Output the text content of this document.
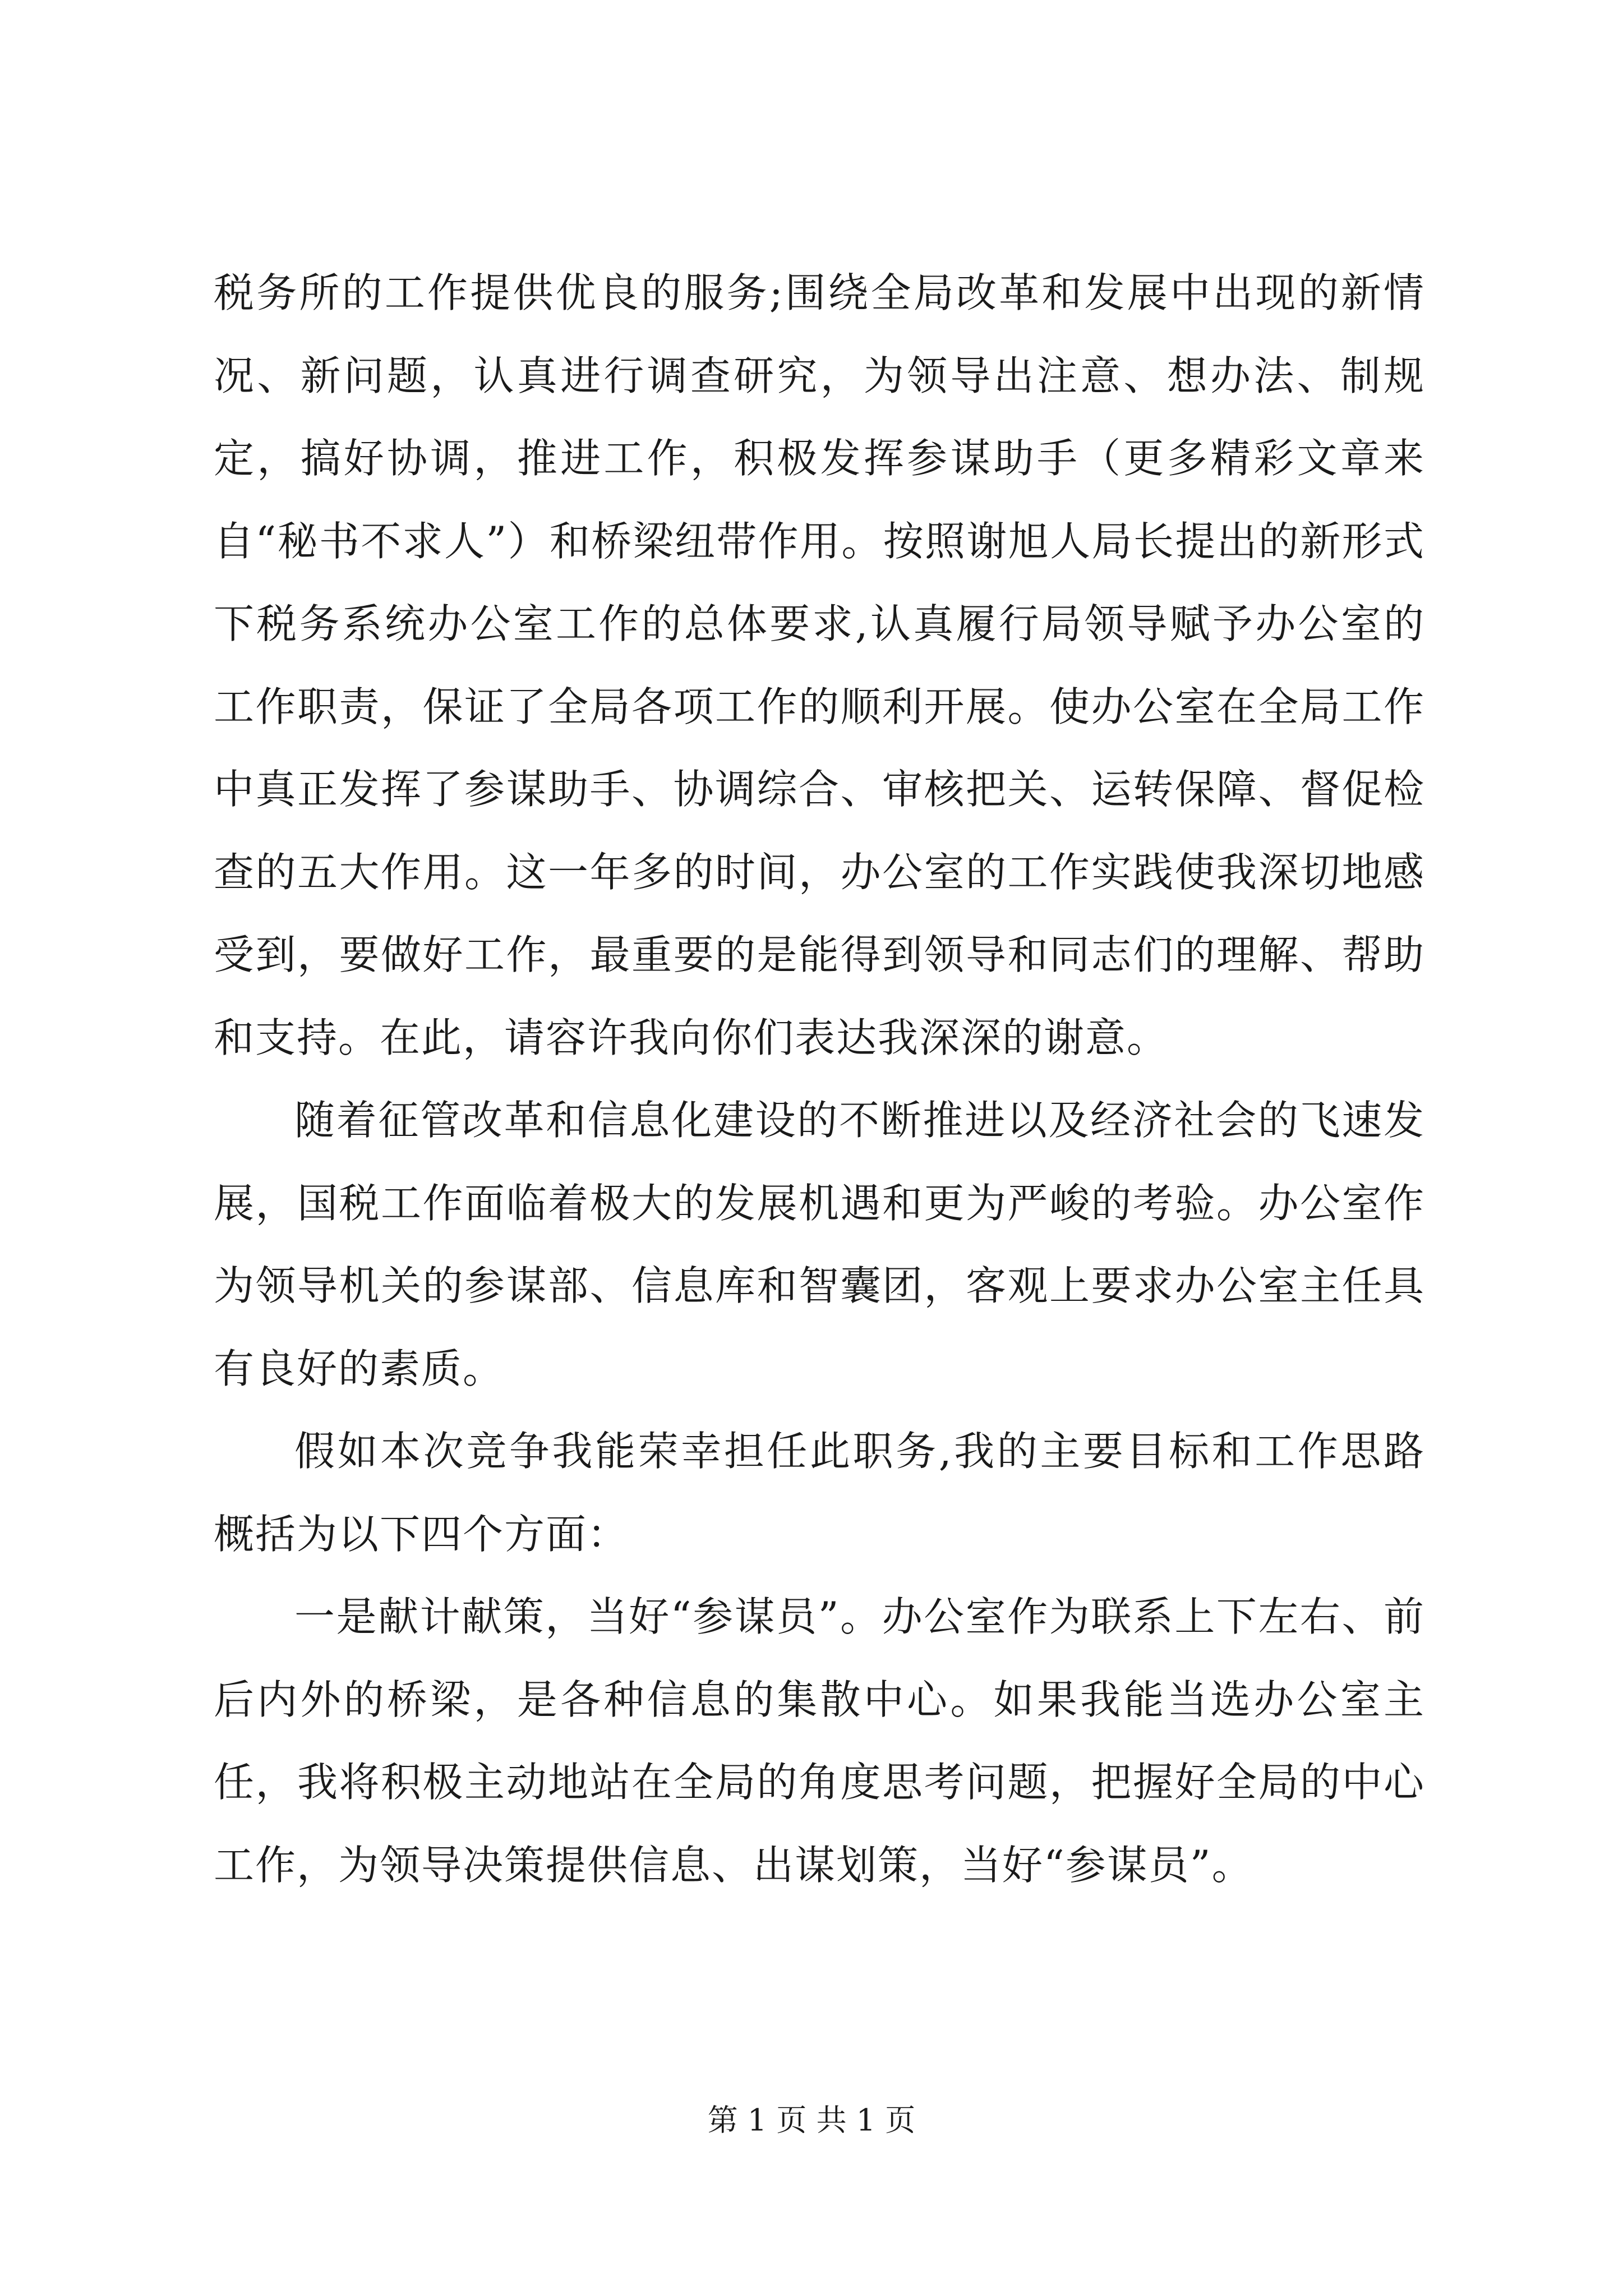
税务所的工作提供优良的服务;围绕全局改革和发展中出现的新情况、新问题，认真进行调查研究，为领导出注意、想办法、制规定，搞好协调，推进工作，积极发挥参谋助手（更多精彩文章来自“秘书不求人”）和桥梁纽带作用。按照谢旭人局长提出的新形式下税务系统办公室工作的总体要求,认真履行局领导赋予办公室的工作职责，保证了全局各项工作的顺利开展。使办公室在全局工作中真正发挥了参谋助手、协调综合、审核把关、运转保障、督促检查的五大作用。这一年多的时间，办公室的工作实践使我深切地感受到，要做好工作，最重要的是能得到领导和同志们的理解、帮助和支持。在此，请容许我向你们表达我深深的谢意。

随着征管改革和信息化建设的不断推进以及经济社会的飞速发展，国税工作面临着极大的发展机遇和更为严峻的考验。办公室作为领导机关的参谋部、信息库和智囊团，客观上要求办公室主任具有良好的素质。

假如本次竞争我能荣幸担任此职务,我的主要目标和工作思路概括为以下四个方面：

一是献计献策，当好“参谋员”。办公室作为联系上下左右、前后内外的桥梁，是各种信息的集散中心。如果我能当选办公室主任，我将积极主动地站在全局的角度思考问题，把握好全局的中心工作，为领导决策提供信息、出谋划策，当好“参谋员”。

第 1 页 共 1 页
